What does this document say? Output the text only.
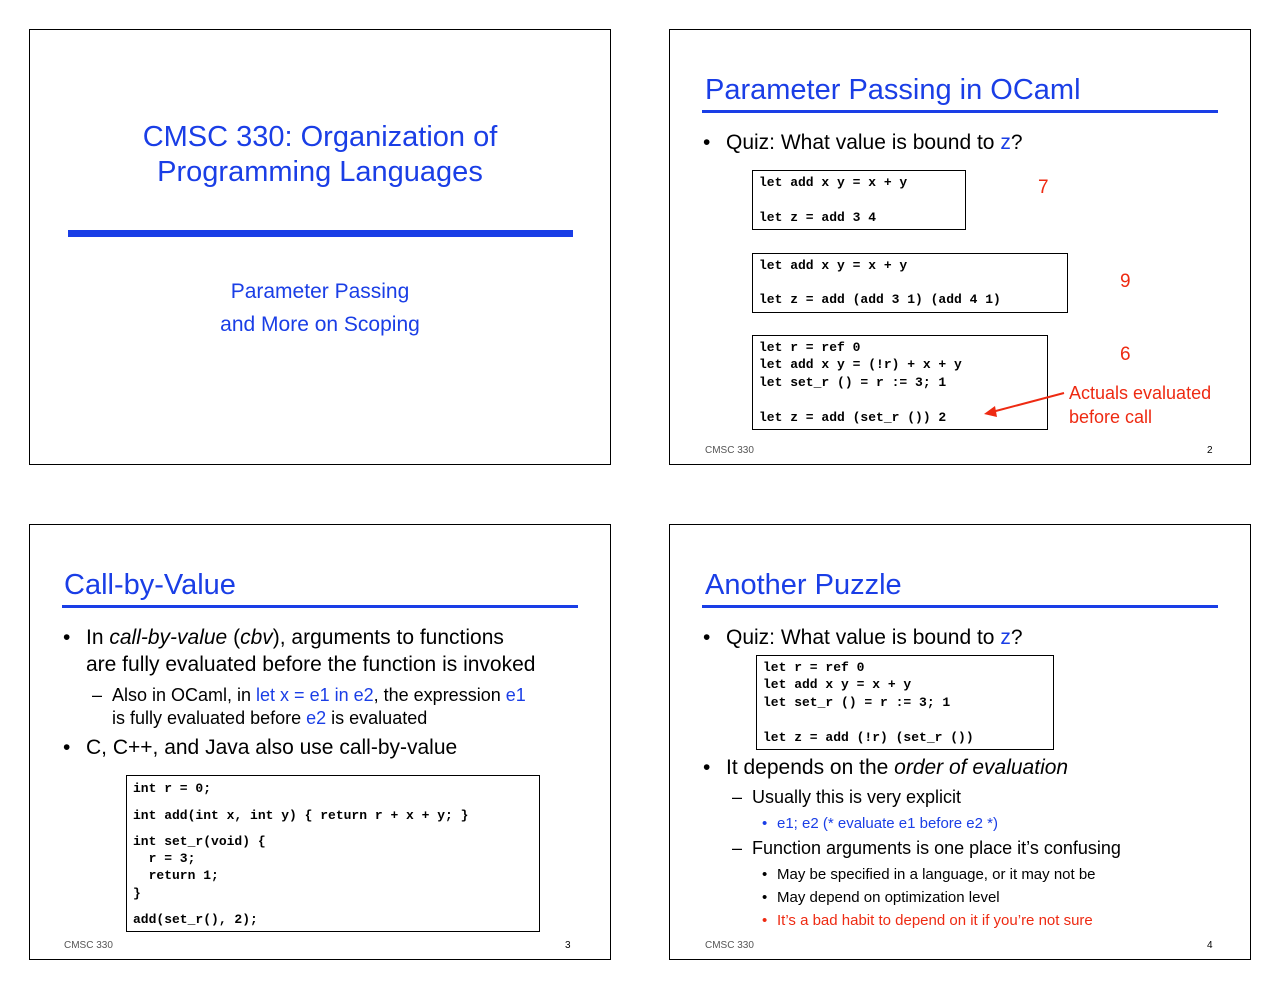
CMSC 330: Organization of
Programming Languages
Parameter Passing
and More on Scoping
Parameter Passing in OCaml
• Quiz: What value is bound to z?
let add x y = x + y
let z = add 3 4
7
let add x y = x + y
let z = add (add 3 1) (add 4 1)
9
let r = ref 0
let add x y = (!r) + x + y
let set_r () = r := 3; 1
let z = add (set_r ()) 2
6
Actuals evaluated
before call
CMSC 330	2
Call-by-Value
• In call-by-value (cbv), arguments to functions
are fully evaluated before the function is invoked
– Also in OCaml, in let x = e1 in e2, the expression e1
is fully evaluated before e2 is evaluated
• C, C++, and Java also use call-by-value
int r = 0;
int add(int x, int y) { return r + x + y; }
int set_r(void) {
r = 3;
return 1;
}
add(set_r(), 2);
CMSC 330	3
Another Puzzle
• Quiz: What value is bound to z?
let r = ref 0
let add x y = x + y
let set_r () = r := 3; 1
let z = add (!r) (set_r ())
• It depends on the order of evaluation
– Usually this is very explicit
• e1; e2 (* evaluate e1 before e2 *)
– Function arguments is one place it’s confusing
• May be specified in a language, or it may not be
• May depend on optimization level
• It’s a bad habit to depend on it if you’re not sure
CMSC 330	4
